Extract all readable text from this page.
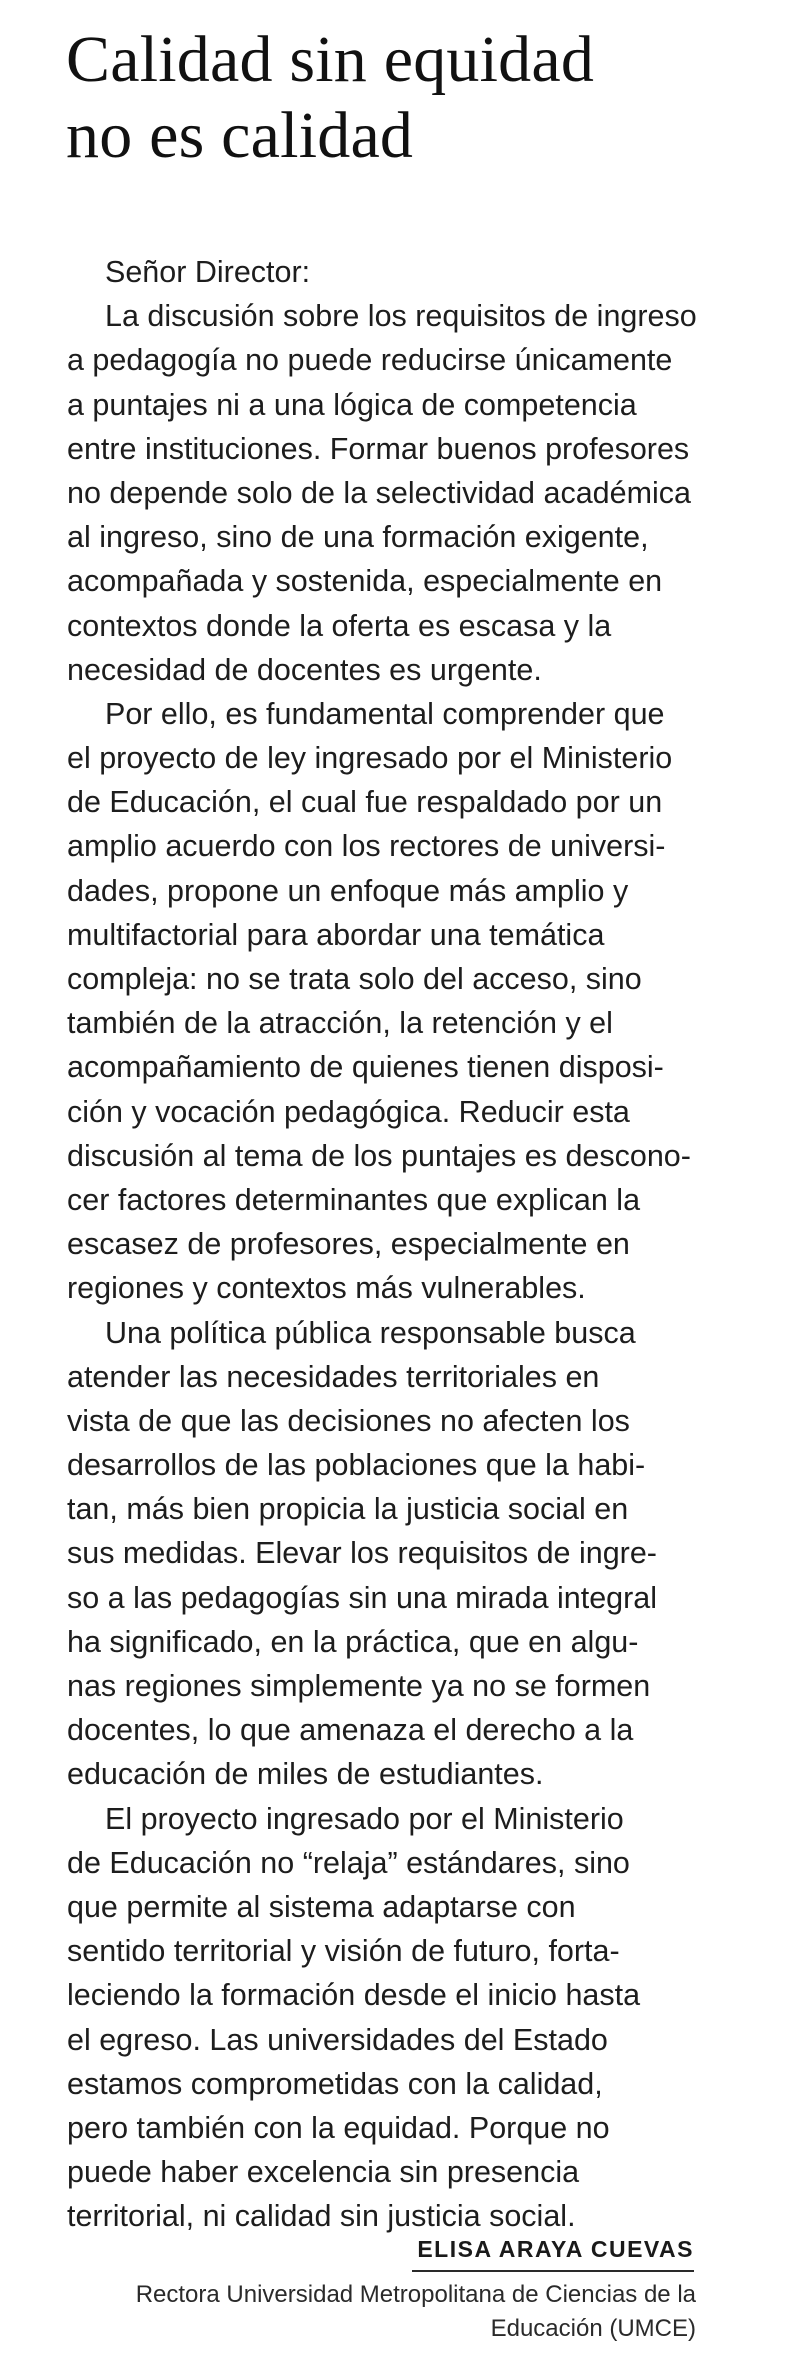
Calidad sin equidad
no es calidad
Señor Director:
La discusión sobre los requisitos de ingreso
a pedagogía no puede reducirse únicamente
a puntajes ni a una lógica de competencia
entre instituciones. Formar buenos profesores
no depende solo de la selectividad académica
al ingreso, sino de una formación exigente,
acompañada y sostenida, especialmente en
contextos donde la oferta es escasa y la
necesidad de docentes es urgente.
Por ello, es fundamental comprender que
el proyecto de ley ingresado por el Ministerio
de Educación, el cual fue respaldado por un
amplio acuerdo con los rectores de universi-
dades, propone un enfoque más amplio y
multifactorial para abordar una temática
compleja: no se trata solo del acceso, sino
también de la atracción, la retención y el
acompañamiento de quienes tienen disposi-
ción y vocación pedagógica. Reducir esta
discusión al tema de los puntajes es descono-
cer factores determinantes que explican la
escasez de profesores, especialmente en
regiones y contextos más vulnerables.
Una política pública responsable busca
atender las necesidades territoriales en
vista de que las decisiones no afecten los
desarrollos de las poblaciones que la habi-
tan, más bien propicia la justicia social en
sus medidas. Elevar los requisitos de ingre-
so a las pedagogías sin una mirada integral
ha significado, en la práctica, que en algu-
nas regiones simplemente ya no se formen
docentes, lo que amenaza el derecho a la
educación de miles de estudiantes.
El proyecto ingresado por el Ministerio
de Educación no “relaja” estándares, sino
que permite al sistema adaptarse con
sentido territorial y visión de futuro, forta-
leciendo la formación desde el inicio hasta
el egreso. Las universidades del Estado
estamos comprometidas con la calidad,
pero también con la equidad. Porque no
puede haber excelencia sin presencia
territorial, ni calidad sin justicia social.
ELISA ARAYA CUEVAS
Rectora Universidad Metropolitana de Ciencias de la
Educación (UMCE)
